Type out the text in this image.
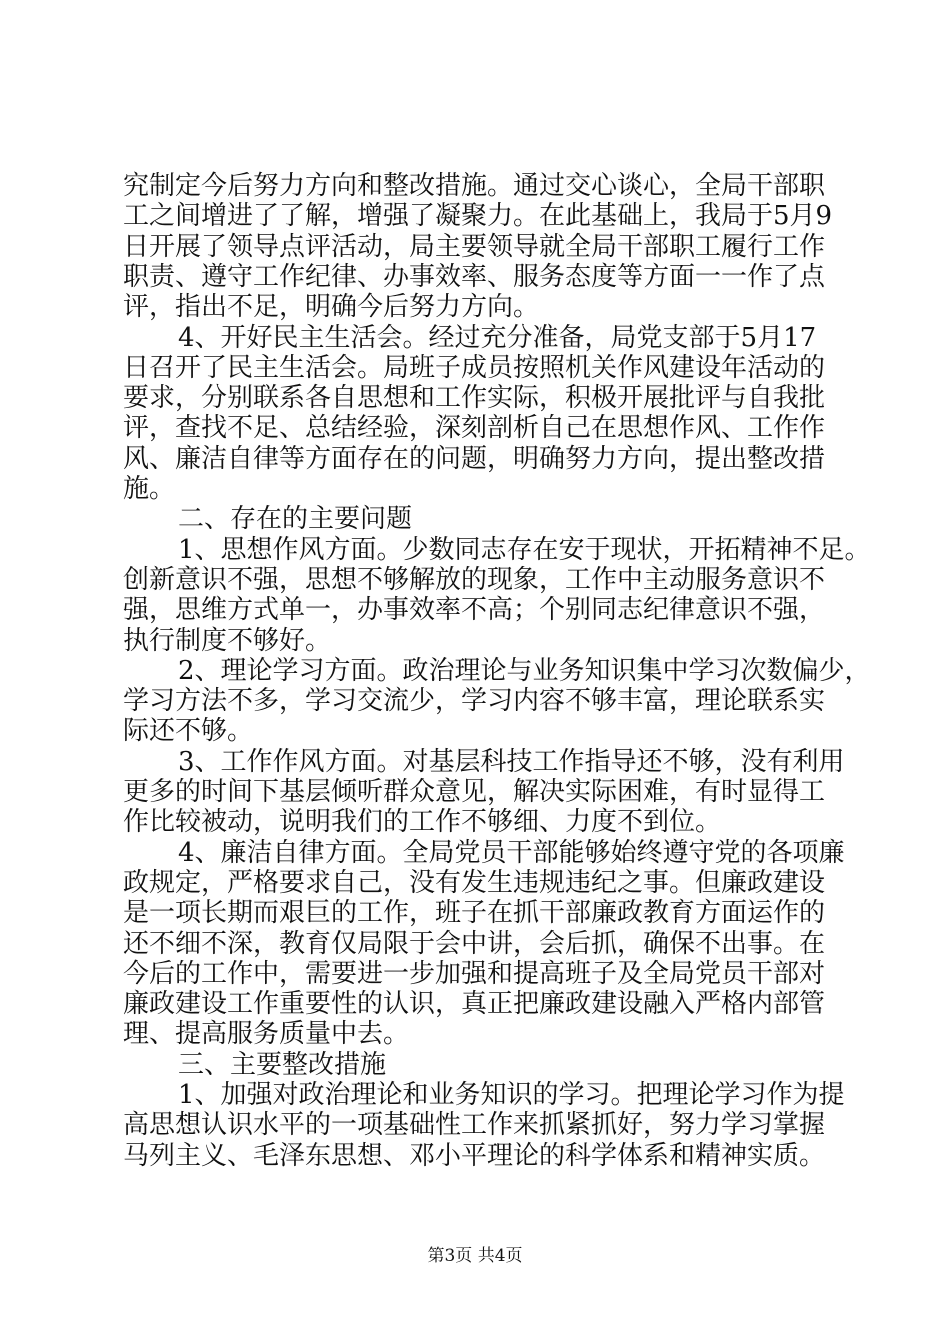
究制定今后努力方向和整改措施。通过交心谈心，全局干部职
工之间增进了了解，增强了凝聚力。在此基础上，我局于5月9
日开展了领导点评活动，局主要领导就全局干部职工履行工作
职责、遵守工作纪律、办事效率、服务态度等方面一一作了点
评，指出不足，明确今后努力方向。
4、开好民主生活会。经过充分准备，局党支部于5月17
日召开了民主生活会。局班子成员按照机关作风建设年活动的
要求，分别联系各自思想和工作实际，积极开展批评与自我批
评，查找不足、总结经验，深刻剖析自己在思想作风、工作作
风、廉洁自律等方面存在的问题，明确努力方向，提出整改措
施。
二、存在的主要问题
1、思想作风方面。少数同志存在安于现状，开拓精神不足。
创新意识不强，思想不够解放的现象，工作中主动服务意识不
强，思维方式单一，办事效率不高；个别同志纪律意识不强，
执行制度不够好。
2、理论学习方面。政治理论与业务知识集中学习次数偏少，
学习方法不多，学习交流少，学习内容不够丰富，理论联系实
际还不够。
3、工作作风方面。对基层科技工作指导还不够，没有利用
更多的时间下基层倾听群众意见，解决实际困难，有时显得工
作比较被动，说明我们的工作不够细、力度不到位。
4、廉洁自律方面。全局党员干部能够始终遵守党的各项廉
政规定，严格要求自己，没有发生违规违纪之事。但廉政建设
是一项长期而艰巨的工作，班子在抓干部廉政教育方面运作的
还不细不深，教育仅局限于会中讲，会后抓，确保不出事。在
今后的工作中，需要进一步加强和提高班子及全局党员干部对
廉政建设工作重要性的认识，真正把廉政建设融入严格内部管
理、提高服务质量中去。
三、主要整改措施
1、加强对政治理论和业务知识的学习。把理论学习作为提
高思想认识水平的一项基础性工作来抓紧抓好，努力学习掌握
马列主义、毛泽东思想、邓小平理论的科学体系和精神实质。
第3页 共4页
